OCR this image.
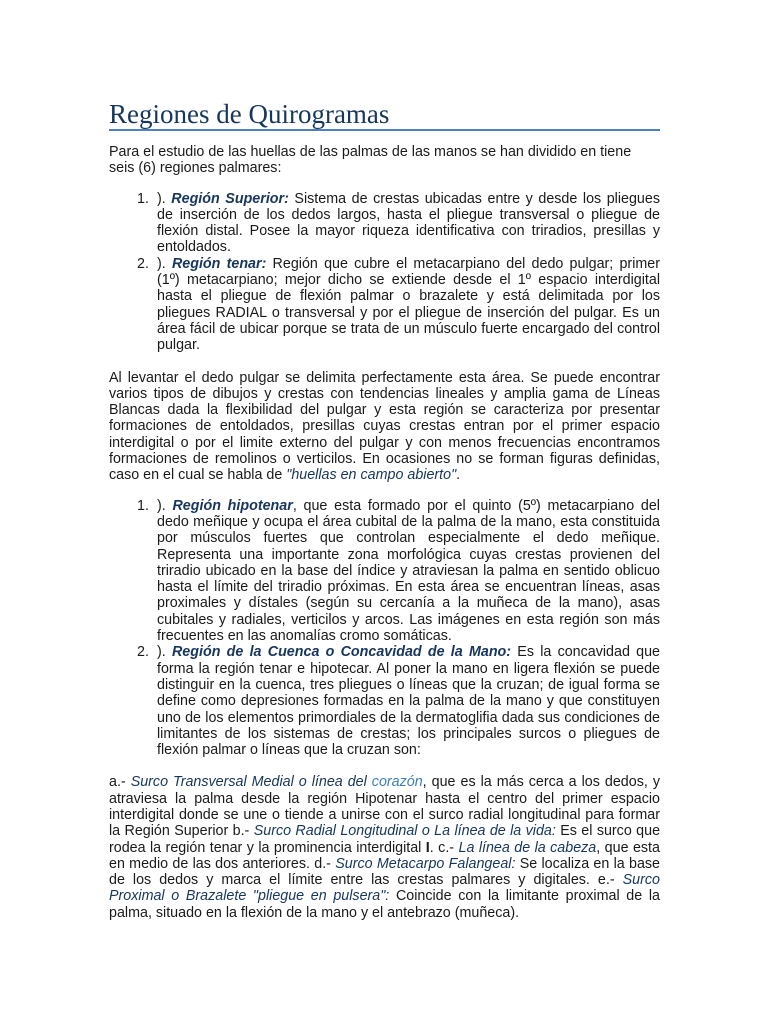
Regiones de Quirogramas

Para el estudio de las huellas de las palmas de las manos se han dividido en tiene seis (6) regiones palmares:

1. ). Región Superior: Sistema de crestas ubicadas entre y desde los pliegues de inserción de los dedos largos, hasta el pliegue transversal o pliegue de flexión distal. Posee la mayor riqueza identificativa con triradios, presillas y entoldados.
2. ). Región tenar: Región que cubre el metacarpiano del dedo pulgar; primer (1º) metacarpiano; mejor dicho se extiende desde el 1º espacio interdigital hasta el pliegue de flexión palmar o brazalete y está delimitada por los pliegues RADIAL o transversal y por el pliegue de inserción del pulgar. Es un área fácil de ubicar porque se trata de un músculo fuerte encargado del control pulgar.

Al levantar el dedo pulgar se delimita perfectamente esta área. Se puede encontrar varios tipos de dibujos y crestas con tendencias lineales y amplia gama de Líneas Blancas dada la flexibilidad del pulgar y esta región se caracteriza por presentar formaciones de entoldados, presillas cuyas crestas entran por el primer espacio interdigital o por el limite externo del pulgar y con menos frecuencias encontramos formaciones de remolinos o verticilos. En ocasiones no se forman figuras definidas, caso en el cual se habla de "huellas en campo abierto".

1. ). Región hipotenar, que esta formado por el quinto (5º) metacarpiano del dedo meñique y ocupa el área cubital de la palma de la mano, esta constituida por músculos fuertes que controlan especialmente el dedo meñique. Representa una importante zona morfológica cuyas crestas provienen del triradio ubicado en la base del índice y atraviesan la palma en sentido oblicuo hasta el límite del triradio próximas. En esta área se encuentran líneas, asas proximales y dístales (según su cercanía a la muñeca de la mano), asas cubitales y radiales, verticilos y arcos. Las imágenes en esta región son más frecuentes en las anomalías cromo somáticas.
2. ). Región de la Cuenca o Concavidad de la Mano: Es la concavidad que forma la región tenar e hipotecar. Al poner la mano en ligera flexión se puede distinguir en la cuenca, tres pliegues o líneas que la cruzan; de igual forma se define como depresiones formadas en la palma de la mano y que constituyen uno de los elementos primordiales de la dermatoglifia dada sus condiciones de limitantes de los sistemas de crestas; los principales surcos o pliegues de flexión palmar o líneas que la cruzan son:

a.- Surco Transversal Medial o línea del corazón, que es la más cerca a los dedos, y atraviesa la palma desde la región Hipotenar hasta el centro del primer espacio interdigital donde se une o tiende a unirse con el surco radial longitudinal para formar la Región Superior b.- Surco Radial Longitudinal o La línea de la vida: Es el surco que rodea la región tenar y la prominencia interdigital I. c.- La línea de la cabeza, que esta en medio de las dos anteriores. d.- Surco Metacarpo Falangeal: Se localiza en la base de los dedos y marca el límite entre las crestas palmares y digitales. e.- Surco Proximal o Brazalete "pliegue en pulsera": Coincide con la limitante proximal de la palma, situado en la flexión de la mano y el antebrazo (muñeca).
